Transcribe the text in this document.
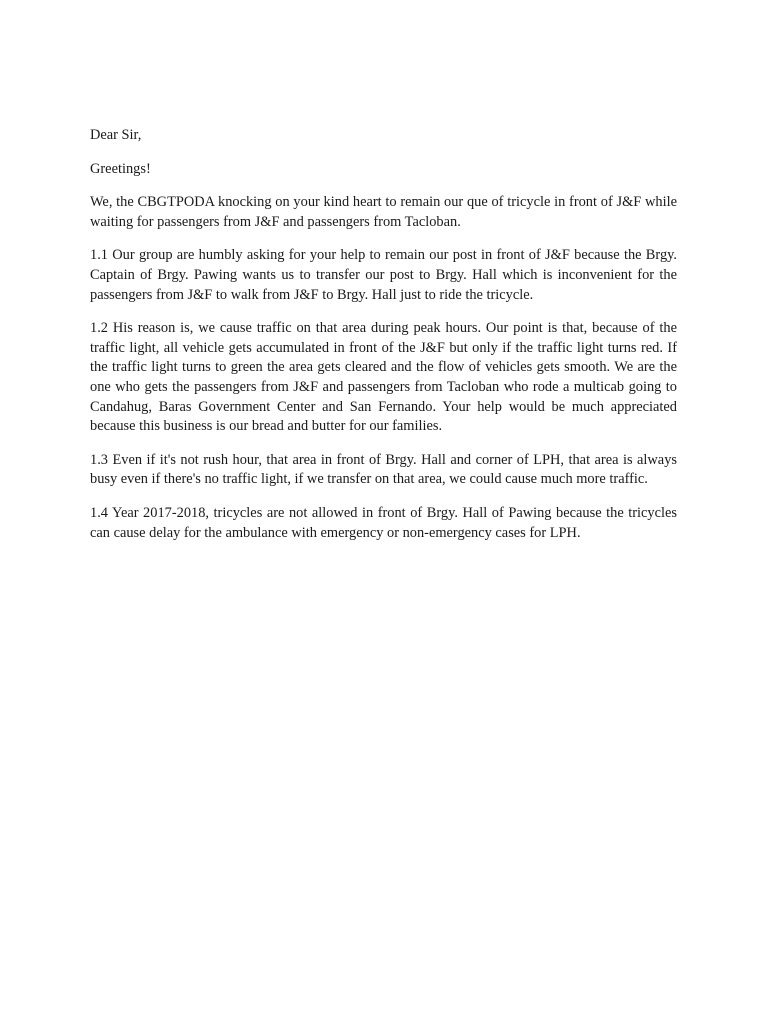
Dear Sir,

Greetings!

We, the CBGTPODA knocking on your kind heart to remain our que of tricycle in front of J&F while waiting for passengers from J&F and passengers from Tacloban.

1.1 Our group are humbly asking for your help to remain our post in front of J&F because the Brgy. Captain of Brgy. Pawing wants us to transfer our post to Brgy. Hall which is inconvenient for the passengers from J&F to walk from J&F to Brgy. Hall just to ride the tricycle.

1.2 His reason is, we cause traffic on that area during peak hours. Our point is that, because of the traffic light, all vehicle gets accumulated in front of the J&F but only if the traffic light turns red. If the traffic light turns to green the area gets cleared and the flow of vehicles gets smooth. We are the one who gets the passengers from J&F and passengers from Tacloban who rode a multicab going to Candahug, Baras Government Center and San Fernando. Your help would be much appreciated because this business is our bread and butter for our families.

1.3 Even if it's not rush hour, that area in front of Brgy. Hall and corner of LPH, that area is always busy even if there's no traffic light, if we transfer on that area, we could cause much more traffic.

1.4 Year 2017-2018, tricycles are not allowed in front of Brgy. Hall of Pawing because the tricycles can cause delay for the ambulance with emergency or non-emergency cases for LPH.
